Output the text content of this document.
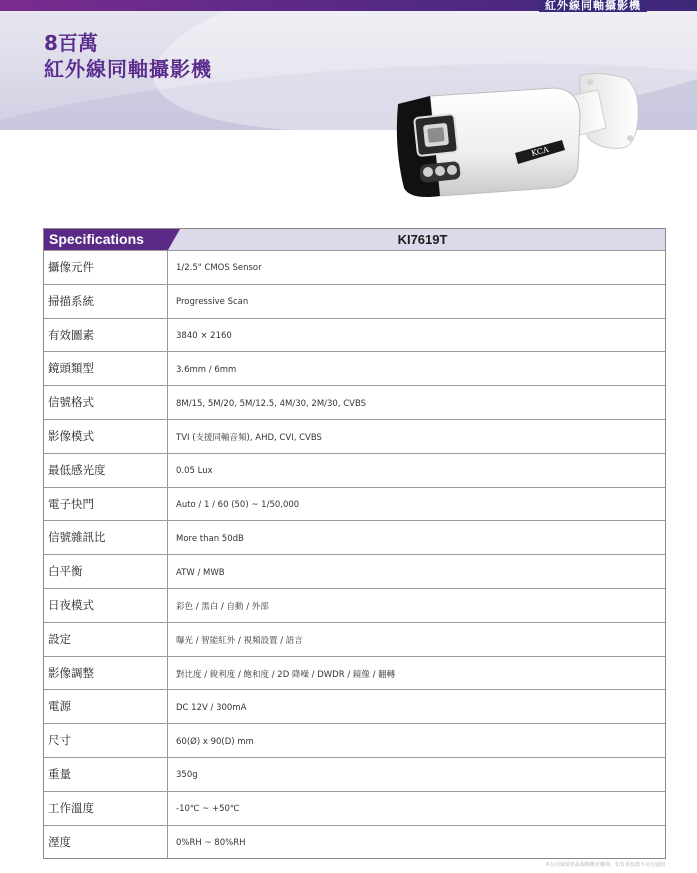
紅外線同軸攝影機
8百萬
紅外線同軸攝影機
KCA
Specifications	KI7619T
攝像元件	1/2.5" CMOS Sensor
掃描系統	Progressive Scan
有效圖素	3840 × 2160
鏡頭類型	3.6mm / 6mm
信號格式	8M/15, 5M/20, 5M/12.5, 4M/30, 2M/30, CVBS
影像模式	TVI (支援同軸音頻), AHD, CVI, CVBS
最低感光度	0.05 Lux
電子快門	Auto / 1 / 60 (50) ~ 1/50,000
信號雜訊比	More than 50dB
白平衡	ATW / MWB
日夜模式	彩色 / 黑白 / 自動 / 外部
設定	曝光 / 智能紅外 / 視頻設置 / 語言
影像調整	對比度 / 銳利度 / 飽和度 / 2D 降噪 / DWDR / 鏡像 / 翻轉
電源	DC 12V / 300mA
尺寸	60(Ø) x 90(D) mm
重量	350g
工作溫度	-10℃ ~ +50℃
溼度	0%RH ~ 80%RH
本公司保留產品規格變更權利，如有更改恕不另行通知
